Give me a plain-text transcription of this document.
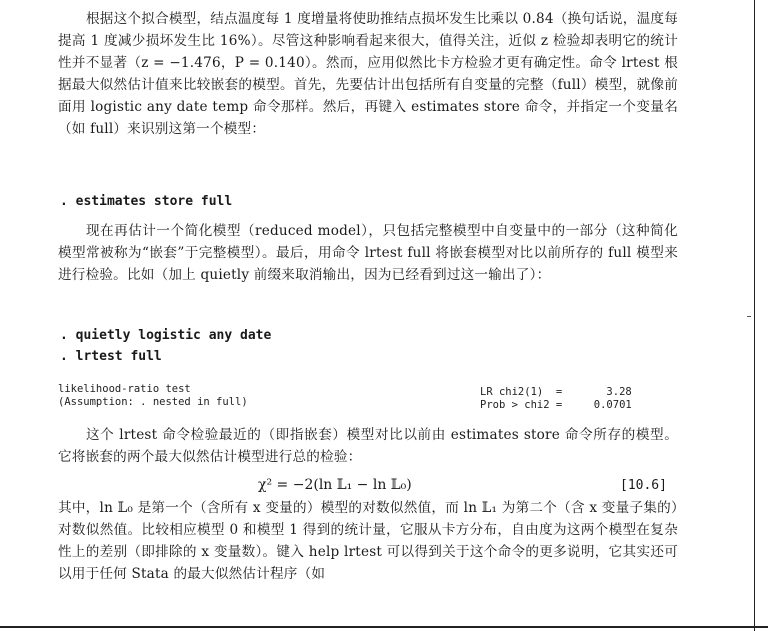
根据这个拟合模型，结点温度每 1 度增量将使助推结点损坏发生比乘以 0.84（换句话说，温度每提高 1 度减少损坏发生比 16%）。尽管这种影响看起来很大，值得关注，近似 z 检验却表明它的统计性并不显著（z = −1.476，P = 0.140）。然而，应用似然比卡方检验才更有确定性。命令 lrtest 根据最大似然估计值来比较嵌套的模型。首先，先要估计出包括所有自变量的完整（full）模型，就像前面用 logistic any date temp 命令那样。然后，再键入 estimates store 命令，并指定一个变量名（如 full）来识别这第一个模型：

. estimates store full

现在再估计一个简化模型（reduced model），只包括完整模型中自变量中的一部分（这种简化模型常被称为“嵌套”于完整模型）。最后，用命令 lrtest full 将嵌套模型对比以前所存的 full 模型来进行检验。比如（加上 quietly 前缀来取消输出，因为已经看到过这一输出了）：

. quietly logistic any date
. lrtest full
likelihood-ratio test
(Assumption: . nested in full)
LR chi2(1)  =       3.28
Prob > chi2 =     0.0701

这个 lrtest 命令检验最近的（即指嵌套）模型对比以前由 estimates store 命令所存的模型。它将嵌套的两个最大似然估计模型进行总的检验：

χ² = −2(ln 𝕃₁ − ln 𝕃₀)	[10.6]

其中，ln 𝕃₀ 是第一个（含所有 x 变量的）模型的对数似然值，而 ln 𝕃₁ 为第二个（含 x 变量子集的）对数似然值。比较相应模型 0 和模型 1 得到的统计量，它服从卡方分布，自由度为这两个模型在复杂性上的差别（即排除的 x 变量数）。键入 help lrtest 可以得到关于这个命令的更多说明，它其实还可以用于任何 Stata 的最大似然估计程序（如
